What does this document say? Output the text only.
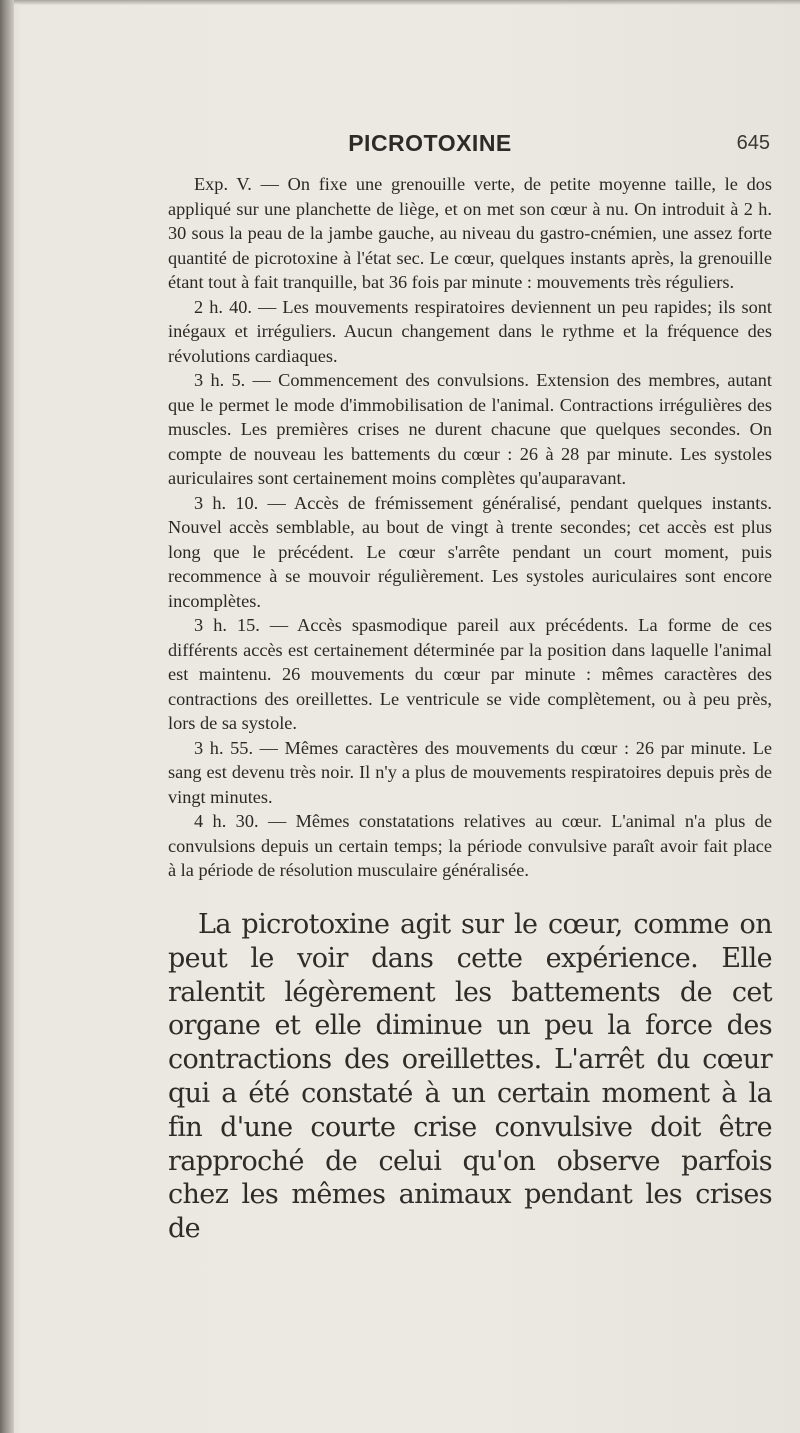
PICROTOXINE	645

Exp. V. — On fixe une grenouille verte, de petite moyenne taille, le dos appliqué sur une planchette de liège, et on met son cœur à nu. On introduit à 2 h. 30 sous la peau de la jambe gauche, au niveau du gastro-cnémien, une assez forte quantité de picrotoxine à l'état sec. Le cœur, quelques instants après, la grenouille étant tout à fait tranquille, bat 36 fois par minute : mouvements très réguliers.

2 h. 40. — Les mouvements respiratoires deviennent un peu rapides; ils sont inégaux et irréguliers. Aucun changement dans le rythme et la fréquence des révolutions cardiaques.

3 h. 5. — Commencement des convulsions. Extension des membres, autant que le permet le mode d'immobilisation de l'animal. Contractions irrégulières des muscles. Les premières crises ne durent chacune que quelques secondes. On compte de nouveau les battements du cœur : 26 à 28 par minute. Les systoles auriculaires sont certainement moins complètes qu'auparavant.

3 h. 10. — Accès de frémissement généralisé, pendant quelques instants. Nouvel accès semblable, au bout de vingt à trente secondes; cet accès est plus long que le précédent. Le cœur s'arrête pendant un court moment, puis recommence à se mouvoir régulièrement. Les systoles auriculaires sont encore incomplètes.

3 h. 15. — Accès spasmodique pareil aux précédents. La forme de ces différents accès est certainement déterminée par la position dans laquelle l'animal est maintenu. 26 mouvements du cœur par minute : mêmes caractères des contractions des oreillettes. Le ventricule se vide complètement, ou à peu près, lors de sa systole.

3 h. 55. — Mêmes caractères des mouvements du cœur : 26 par minute. Le sang est devenu très noir. Il n'y a plus de mouvements respiratoires depuis près de vingt minutes.

4 h. 30. — Mêmes constatations relatives au cœur. L'animal n'a plus de convulsions depuis un certain temps; la période convulsive paraît avoir fait place à la période de résolution musculaire généralisée.

La picrotoxine agit sur le cœur, comme on peut le voir dans cette expérience. Elle ralentit légèrement les battements de cet organe et elle diminue un peu la force des contractions des oreillettes. L'arrêt du cœur qui a été constaté à un certain moment à la fin d'une courte crise convulsive doit être rapproché de celui qu'on observe parfois chez les mêmes animaux pendant les crises de
